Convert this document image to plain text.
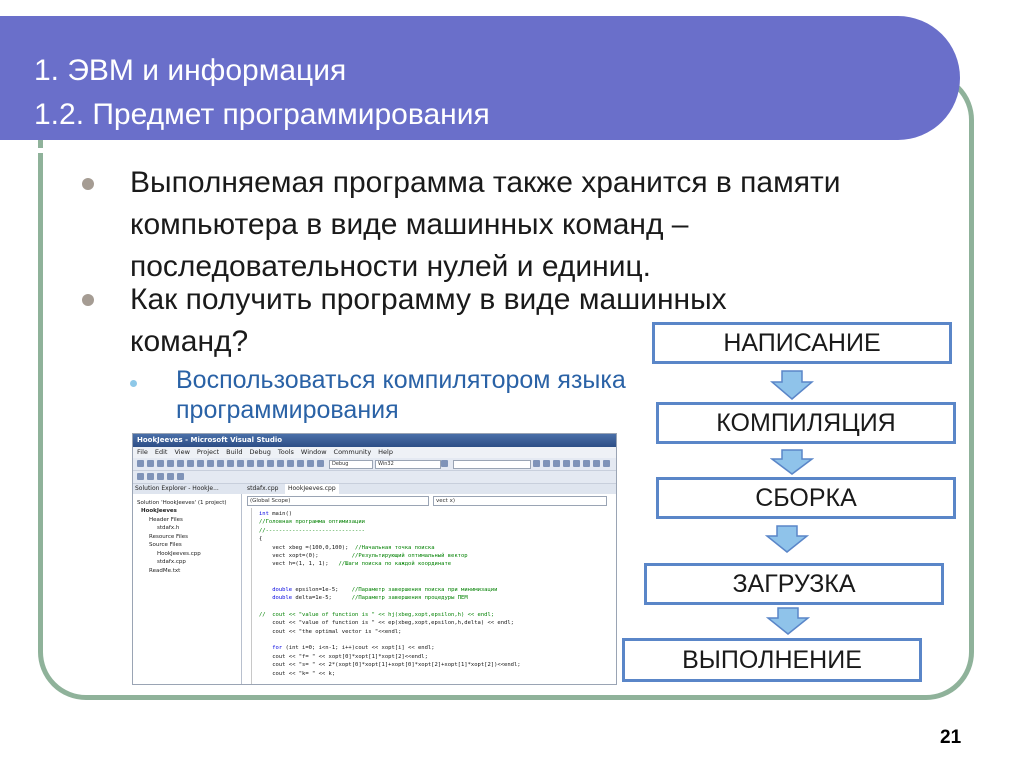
1. ЭВМ и информация
1.2. Предмет программирования
Выполняемая программа также хранится в памяти
компьютера в виде машинных команд –
последовательности нулей и единиц.
Как получить программу в виде машинных
команд?
Воспользоваться компилятором языка
программирования
НАПИСАНИЕ
КОМПИЛЯЦИЯ
СБОРКА
ЗАГРУЗКА
ВЫПОЛНЕНИЕ
HookJeeves - Microsoft Visual Studio
File Edit View Project Build Debug Tools Window Community Help
Debug	Win32
Solution Explorer - HookJe...	stdafx.cpp	HookJeeves.cpp
Solution 'HookJeeves' (1 project)
HookJeeves
Header Files
stdafx.h
Resource Files
Source Files
HookJeeves.cpp
stdafx.cpp
ReadMe.txt
(Global Scope)	vect x)
int main()
//Головная программа оптимизации
//------------------------------
{
vect xbeg =(100,0,100);  //Начальная точка поиска
vect xopt=(0);          //Результирующий оптимальный вектор
vect h=(1, 1, 1);   //Шаги поиска по каждой координате
double epsilon=1e-5;    //Параметр завершения поиска при минимизации
double delta=1e-5;      //Параметр завершения процедуры ПЕМ
//  cout << "value of function is " << hj(xbeg,xopt,epsilon,h) << endl;
cout << "value of function is " << ep(xbeg,xopt,epsilon,h,delta) << endl;
cout << "the optimal vector is "<<endl;
for (int i=0; i<n-1; i++)cout << xopt[i] << endl;
cout << "f= " << xopt[0]*xopt[1]*xopt[2]<<endl;
cout << "s= " << 2*(xopt[0]*xopt[1]+xopt[0]*xopt[2]+xopt[1]*xopt[2])<<endl;
cout << "k= " << k;
21
